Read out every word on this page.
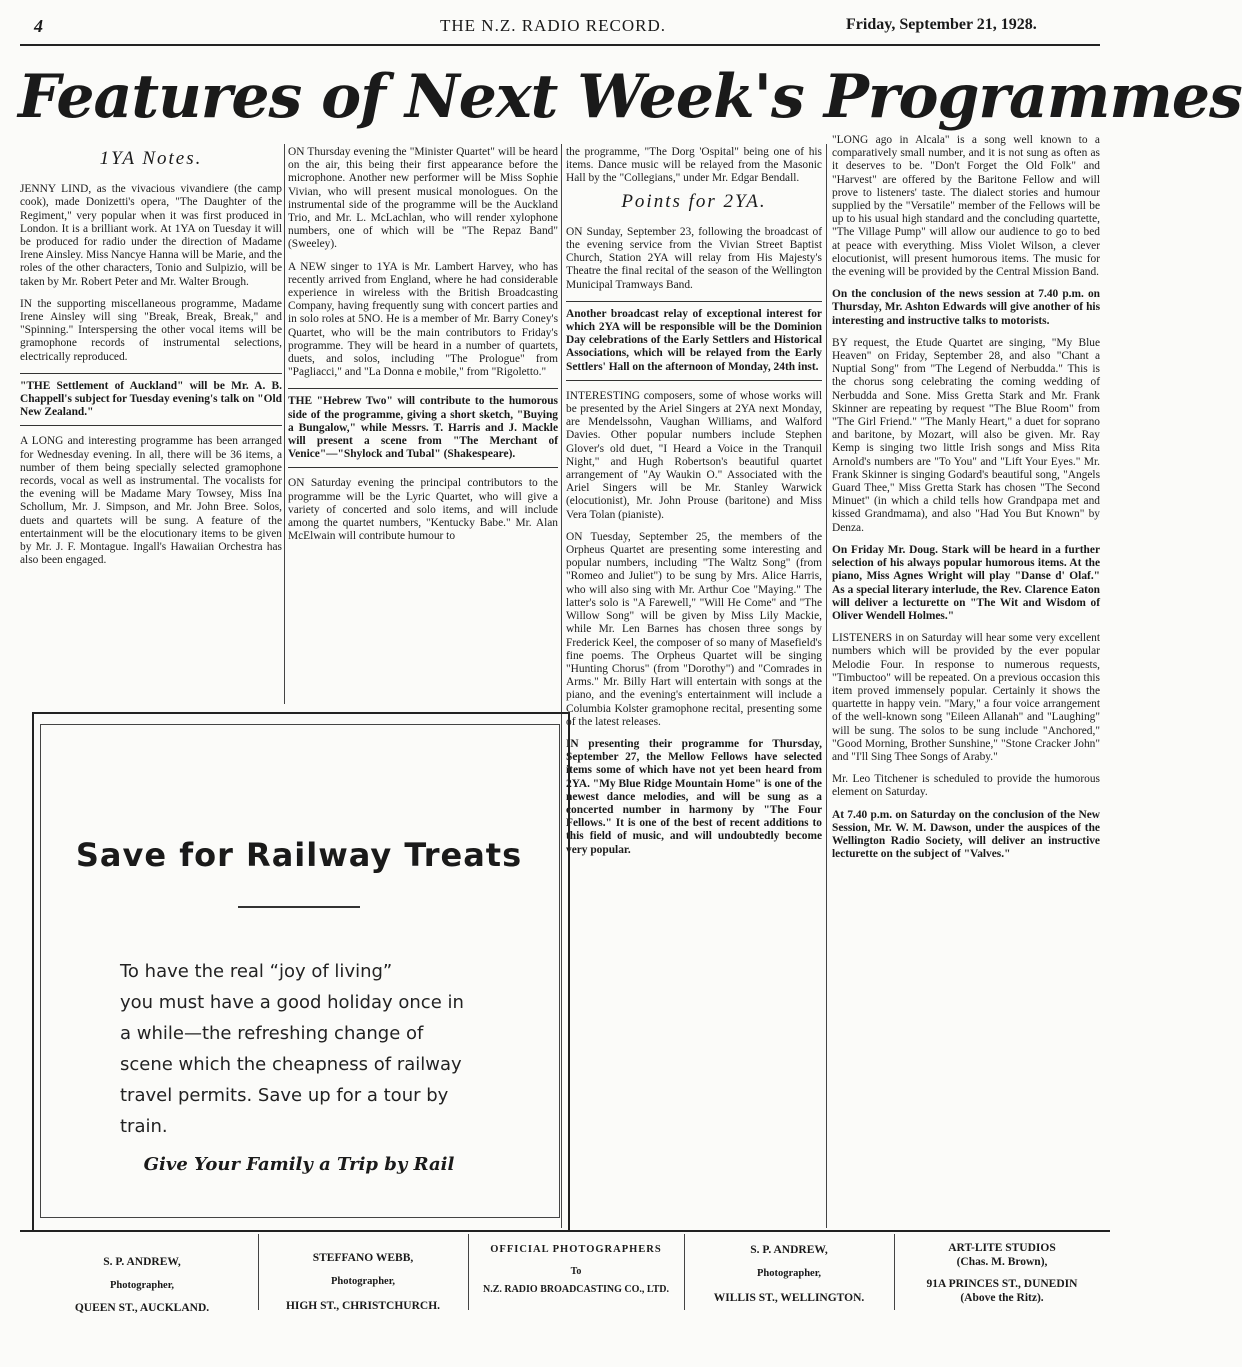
4	THE N.Z. RADIO RECORD.	Friday, September 21, 1928.
Features of Next Week's Programmes
1YA Notes.

JENNY LIND, as the vivacious vivandiere (the camp cook), made Donizetti's opera, "The Daughter of the Regiment," very popular when it was first produced in London. It is a brilliant work. At 1YA on Tuesday it will be produced for radio under the direction of Madame Irene Ainsley. Miss Nancye Hanna will be Marie, and the roles of the other characters, Tonio and Sulpizio, will be taken by Mr. Robert Peter and Mr. Walter Brough.

IN the supporting miscellaneous programme, Madame Irene Ainsley will sing "Break, Break, Break," and "Spinning." Interspersing the other vocal items will be gramophone records of instrumental selections, electrically reproduced.

"THE Settlement of Auckland" will be Mr. A. B. Chappell's subject for Tuesday evening's talk on "Old New Zealand."

A LONG and interesting programme has been arranged for Wednesday evening. In all, there will be 36 items, a number of them being specially selected gramophone records, vocal as well as instrumental. The vocalists for the evening will be Madame Mary Towsey, Miss Ina Schollum, Mr. J. Simpson, and Mr. John Bree. Solos, duets and quartets will be sung. A feature of the entertainment will be the elocutionary items to be given by Mr. J. F. Montague. Ingall's Hawaiian Orchestra has also been engaged.

ON Thursday evening the "Minister Quartet" will be heard on the air, this being their first appearance before the microphone. Another new performer will be Miss Sophie Vivian, who will present musical monologues. On the instrumental side of the programme will be the Auckland Trio, and Mr. L. McLachlan, who will render xylophone numbers, one of which will be "The Repaz Band" (Sweeley).

A NEW singer to 1YA is Mr. Lambert Harvey, who has recently arrived from England, where he had considerable experience in wireless with the British Broadcasting Company, having frequently sung with concert parties and in solo roles at 5NO. He is a member of Mr. Barry Coney's Quartet, who will be the main contributors to Friday's programme. They will be heard in a number of quartets, duets, and solos, including "The Prologue" from "Pagliacci," and "La Donna e mobile," from "Rigoletto."

THE "Hebrew Two" will contribute to the humorous side of the programme, giving a short sketch, "Buying a Bungalow," while Messrs. T. Harris and J. Mackle will present a scene from "The Merchant of Venice"—"Shylock and Tubal" (Shakespeare).

ON Saturday evening the principal contributors to the programme will be the Lyric Quartet, who will give a variety of concerted and solo items, and will include among the quartet numbers, "Kentucky Babe." Mr. Alan McElwain will contribute humour to

the programme, "The Dorg 'Ospital" being one of his items. Dance music will be relayed from the Masonic Hall by the "Collegians," under Mr. Edgar Bendall.

Points for 2YA.

ON Sunday, September 23, following the broadcast of the evening service from the Vivian Street Baptist Church, Station 2YA will relay from His Majesty's Theatre the final recital of the season of the Wellington Municipal Tramways Band.

Another broadcast relay of exceptional interest for which 2YA will be responsible will be the Dominion Day celebrations of the Early Settlers and Historical Associations, which will be relayed from the Early Settlers' Hall on the afternoon of Monday, 24th inst.

INTERESTING composers, some of whose works will be presented by the Ariel Singers at 2YA next Monday, are Mendelssohn, Vaughan Williams, and Walford Davies. Other popular numbers include Stephen Glover's old duet, "I Heard a Voice in the Tranquil Night," and Hugh Robertson's beautiful quartet arrangement of "Ay Waukin O." Associated with the Ariel Singers will be Mr. Stanley Warwick (elocutionist), Mr. John Prouse (baritone) and Miss Vera Tolan (pianiste).

ON Tuesday, September 25, the members of the Orpheus Quartet are presenting some interesting and popular numbers, including "The Waltz Song" (from "Romeo and Juliet") to be sung by Mrs. Alice Harris, who will also sing with Mr. Arthur Coe "Maying." The latter's solo is "A Farewell," "Will He Come" and "The Willow Song" will be given by Miss Lily Mackie, while Mr. Len Barnes has chosen three songs by Frederick Keel, the composer of so many of Masefield's fine poems. The Orpheus Quartet will be singing "Hunting Chorus" (from "Dorothy") and "Comrades in Arms." Mr. Billy Hart will entertain with songs at the piano, and the evening's entertainment will include a Columbia Kolster gramophone recital, presenting some of the latest releases.

IN presenting their programme for Thursday, September 27, the Mellow Fellows have selected items some of which have not yet been heard from 2YA. "My Blue Ridge Mountain Home" is one of the newest dance melodies, and will be sung as a concerted number in harmony by "The Four Fellows." It is one of the best of recent additions to this field of music, and will undoubtedly become very popular.

"LONG ago in Alcala" is a song well known to a comparatively small number, and it is not sung as often as it deserves to be. "Don't Forget the Old Folk" and "Harvest" are offered by the Baritone Fellow and will prove to listeners' taste. The dialect stories and humour supplied by the "Versatile" member of the Fellows will be up to his usual high standard and the concluding quartette, "The Village Pump" will allow our audience to go to bed at peace with everything. Miss Violet Wilson, a clever elocutionist, will present humorous items. The music for the evening will be provided by the Central Mission Band.

On the conclusion of the news session at 7.40 p.m. on Thursday, Mr. Ashton Edwards will give another of his interesting and instructive talks to motorists.

BY request, the Etude Quartet are singing, "My Blue Heaven" on Friday, September 28, and also "Chant a Nuptial Song" from "The Legend of Nerbudda." This is the chorus song celebrating the coming wedding of Nerbudda and Sone. Miss Gretta Stark and Mr. Frank Skinner are repeating by request "The Blue Room" from "The Girl Friend." "The Manly Heart," a duet for soprano and baritone, by Mozart, will also be given. Mr. Ray Kemp is singing two little Irish songs and Miss Rita Arnold's numbers are "To You" and "Lift Your Eyes." Mr. Frank Skinner is singing Godard's beautiful song, "Angels Guard Thee," Miss Gretta Stark has chosen "The Second Minuet" (in which a child tells how Grandpapa met and kissed Grandmama), and also "Had You But Known" by Denza.

On Friday Mr. Doug. Stark will be heard in a further selection of his always popular humorous items. At the piano, Miss Agnes Wright will play "Danse d' Olaf." As a special literary interlude, the Rev. Clarence Eaton will deliver a lecturette on "The Wit and Wisdom of Oliver Wendell Holmes."

LISTENERS in on Saturday will hear some very excellent numbers which will be provided by the ever popular Melodie Four. In response to numerous requests, "Timbuctoo" will be repeated. On a previous occasion this item proved immensely popular. Certainly it shows the quartette in happy vein. "Mary," a four voice arrangement of the well-known song "Eileen Allanah" and "Laughing" will be sung. The solos to be sung include "Anchored," "Good Morning, Brother Sunshine," "Stone Cracker John" and "I'll Sing Thee Songs of Araby."

Mr. Leo Titchener is scheduled to provide the humorous element on Saturday.

At 7.40 p.m. on Saturday on the conclusion of the New Session, Mr. W. M. Dawson, under the auspices of the Wellington Radio Society, will deliver an instructive lecturette on the subject of "Valves."

Save for Railway Treats
To have the real “joy of living”
you must have a good holiday once in
a while—the refreshing change of
scene which the cheapness of railway
travel permits. Save up for a tour by
train.
Give Your Family a Trip by Rail
S. P. ANDREW,
Photographer,
QUEEN ST., AUCKLAND.
STEFFANO WEBB,
Photographer,
HIGH ST., CHRISTCHURCH.
OFFICIAL PHOTOGRAPHERS
To
N.Z. RADIO BROADCASTING CO., LTD.
S. P. ANDREW,
Photographer,
WILLIS ST., WELLINGTON.
ART-LITE STUDIOS
(Chas. M. Brown),
91A PRINCES ST., DUNEDIN
(Above the Ritz).
